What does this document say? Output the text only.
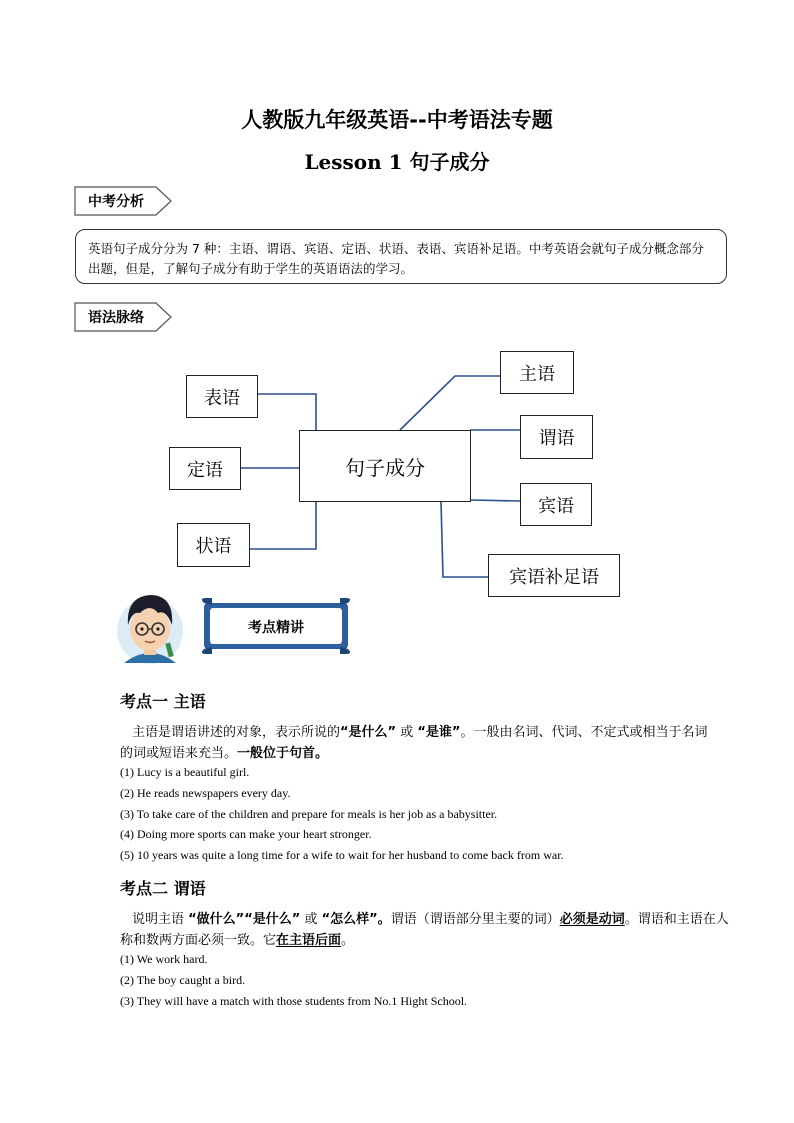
人教版九年级英语--中考语法专题
Lesson 1 句子成分
中考分析
英语句子成分分为 7 种：主语、谓语、宾语、定语、状语、表语、宾语补足语。中考英语会就句子成分概念部分出题，但是，了解句子成分有助于学生的英语语法的学习。
语法脉络
句子成分
表语
定语
状语
主语
谓语
宾语
宾语补足语
考点精讲
考点一 主语
主语是谓语讲述的对象，表示所说的“是什么” 或 “是谁”。一般由名词、代词、不定式或相当于名词的词或短语来充当。一般位于句首。
(1) Lucy is a beautiful girl.
(2) He reads newspapers every day.
(3) To take care of the children and prepare for meals is her job as a babysitter.
(4) Doing more sports can make your heart stronger.
(5) 10 years was quite a long time for a wife to wait for her husband to come back from war.
考点二 谓语
说明主语 “做什么”“是什么” 或 “怎么样”。谓语（谓语部分里主要的词）必须是动词。谓语和主语在人称和数两方面必须一致。它在主语后面。
(1) We work hard.
(2) The boy caught a bird.
(3) They will have a match with those students from No.1 Hight School.
